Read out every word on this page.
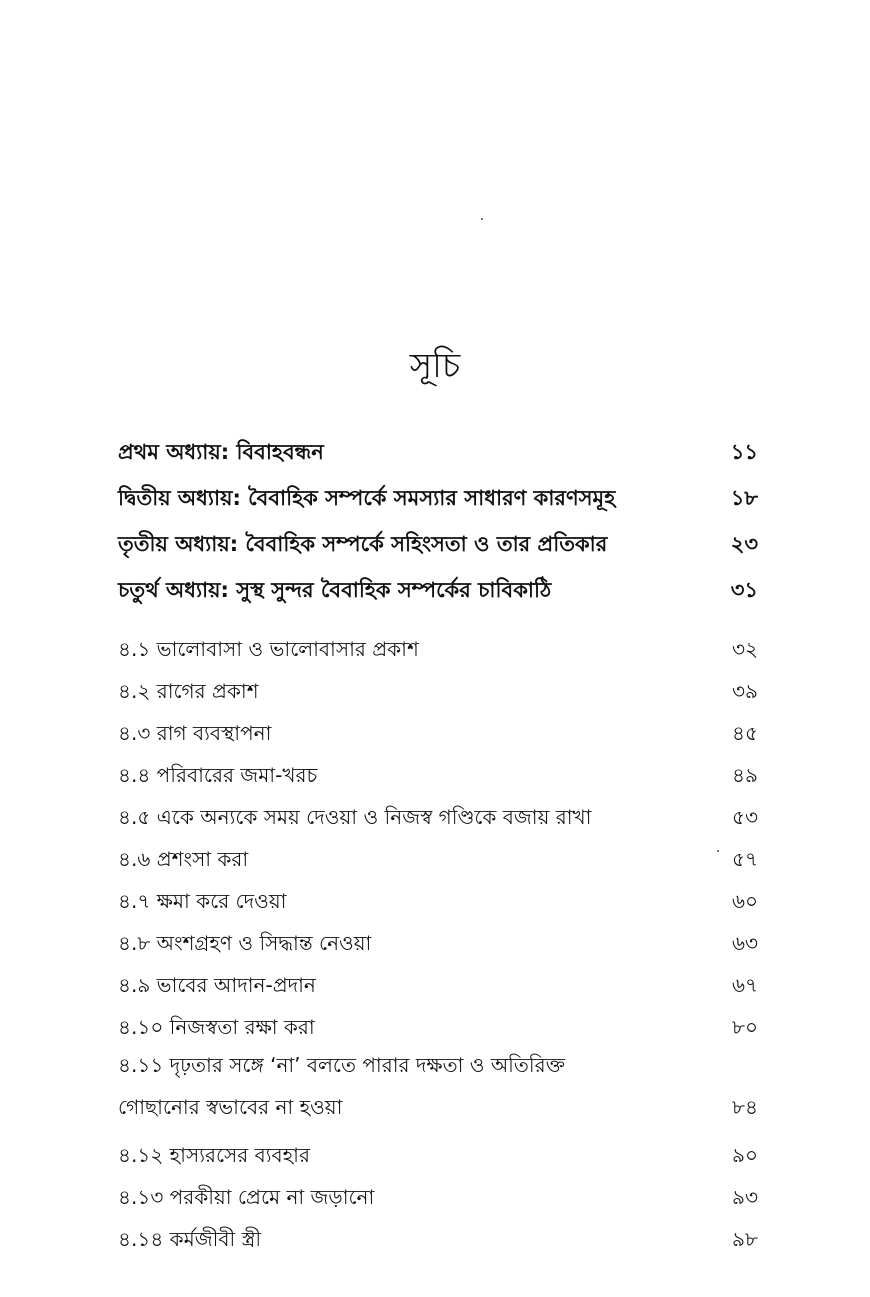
সূচি
প্রথম অধ্যায়: বিবাহবন্ধন	১১
দ্বিতীয় অধ্যায়: বৈবাহিক সম্পর্কে সমস্যার সাধারণ কারণসমূহ	১৮
তৃতীয় অধ্যায়: বৈবাহিক সম্পর্কে সহিংসতা ও তার প্রতিকার	২৩
চতুর্থ অধ্যায়: সুস্থ সুন্দর বৈবাহিক সম্পর্কের চাবিকাঠি	৩১
৪.১ ভালোবাসা ও ভালোবাসার প্রকাশ	৩২
৪.২ রাগের প্রকাশ	৩৯
৪.৩ রাগ ব্যবস্থাপনা	৪৫
৪.৪ পরিবারের জমা-খরচ	৪৯
৪.৫ একে অন্যকে সময় দেওয়া ও নিজস্ব গণ্ডিকে বজায় রাখা	৫৩
৪.৬ প্রশংসা করা	৫৭
৪.৭ ক্ষমা করে দেওয়া	৬০
৪.৮ অংশগ্রহণ ও সিদ্ধান্ত নেওয়া	৬৩
৪.৯ ভাবের আদান-প্রদান	৬৭
৪.১০ নিজস্বতা রক্ষা করা	৮০
৪.১১ দৃঢ়তার সঙ্গে ‘না’ বলতে পারার দক্ষতা ও অতিরিক্ত
গোছানোর স্বভাবের না হওয়া	৮৪
৪.১২ হাস্যরসের ব্যবহার	৯০
৪.১৩ পরকীয়া প্রেমে না জড়ানো	৯৩
৪.১৪ কর্মজীবী স্ত্রী	৯৮
